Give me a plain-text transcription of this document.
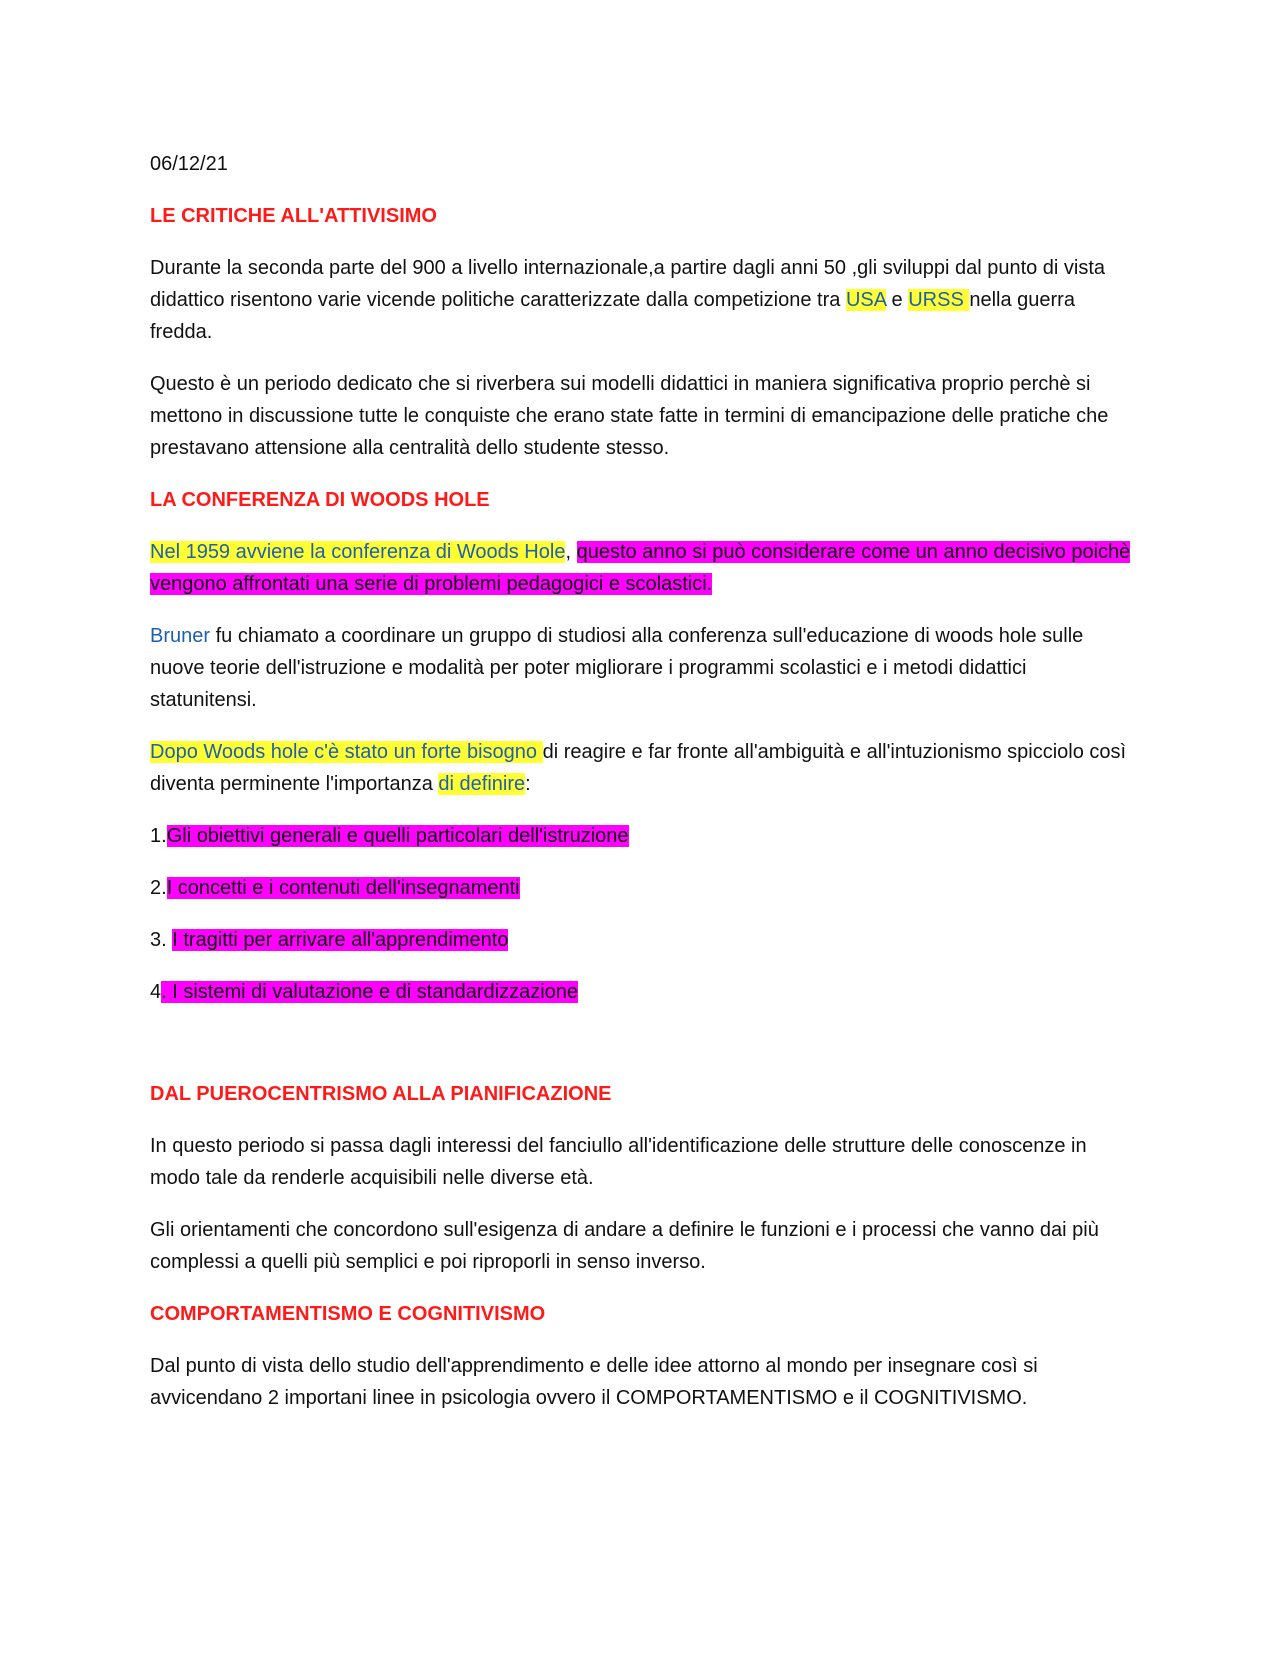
06/12/21

LE CRITICHE ALL'ATTIVISIMO

Durante la seconda parte del 900 a livello internazionale,a partire dagli anni 50 ,gli sviluppi dal punto di vista didattico risentono varie vicende politiche caratterizzate dalla competizione tra USA e URSS nella guerra fredda.

Questo è un periodo dedicato che si riverbera sui modelli didattici in maniera significativa proprio perchè si mettono in discussione tutte le conquiste che erano state fatte in termini di emancipazione delle pratiche che prestavano attensione alla centralità dello studente stesso.

LA CONFERENZA DI WOODS HOLE

Nel 1959 avviene la conferenza di Woods Hole, questo anno si può considerare come un anno decisivo poichè vengono affrontati una serie di problemi pedagogici e scolastici.

Bruner fu chiamato a coordinare un gruppo di studiosi alla conferenza sull'educazione di woods hole sulle nuove teorie dell'istruzione e modalità per poter migliorare i programmi scolastici e i metodi didattici statunitensi.

Dopo Woods hole c'è stato un forte bisogno di reagire e far fronte all'ambiguità e all'intuzionismo spicciolo così diventa perminente l'importanza di definire:

1.Gli obiettivi generali e quelli particolari dell'istruzione

2.I concetti e i contenuti dell'insegnamenti

3. I tragitti per arrivare all'apprendimento

4. I sistemi di valutazione e di standardizzazione

DAL PUEROCENTRISMO ALLA PIANIFICAZIONE

In questo periodo si passa dagli interessi del fanciullo all'identificazione delle strutture delle conoscenze in modo tale da renderle acquisibili nelle diverse età.

Gli orientamenti che concordono sull'esigenza di andare a definire le funzioni e i processi che vanno dai più complessi a quelli più semplici e poi riproporli in senso inverso.

COMPORTAMENTISMO E COGNITIVISMO

Dal punto di vista dello studio dell'apprendimento e delle idee attorno al mondo per insegnare così si avvicendano 2 importani linee in psicologia ovvero il COMPORTAMENTISMO e il COGNITIVISMO.
